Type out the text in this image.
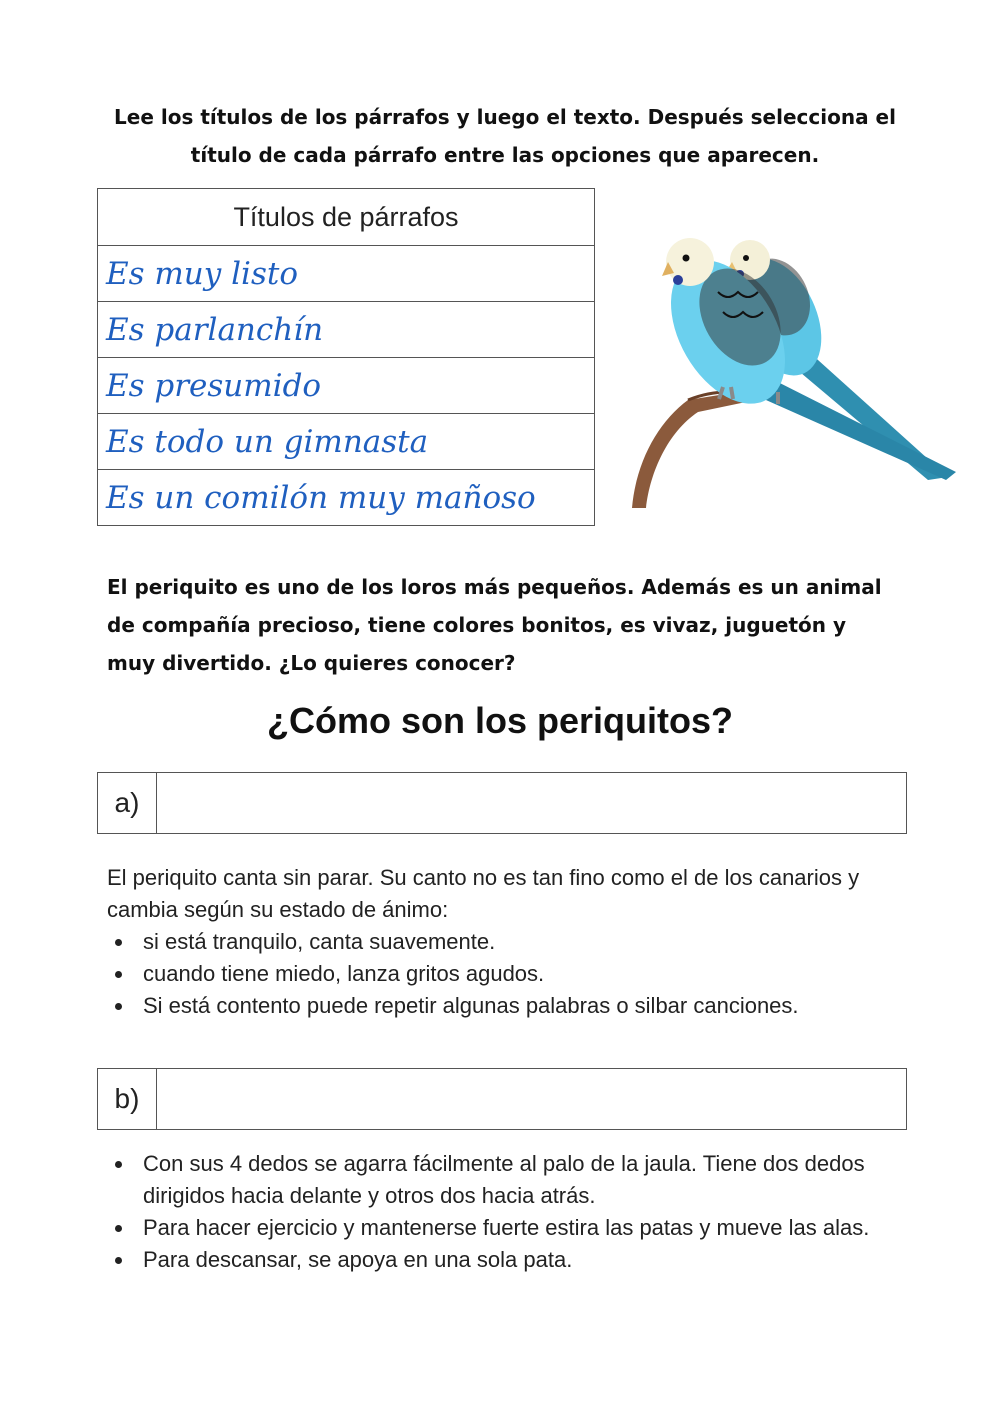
Lee los títulos de los párrafos y luego el texto. Después selecciona el título de cada párrafo entre las opciones que aparecen.
Títulos de párrafos
Es muy listo
Es parlanchín
Es presumido
Es todo un gimnasta
Es un comilón muy mañoso
El periquito es uno de los loros más pequeños. Además es un animal de compañía precioso, tiene colores bonitos, es vivaz, juguetón y muy divertido. ¿Lo quieres conocer?
¿Cómo son los periquitos?
a)

El periquito canta sin parar. Su canto no es tan fino como el de los canarios y cambia según su estado de ánimo:

si está tranquilo, canta suavemente.
cuando tiene miedo, lanza gritos agudos.
Si está contento puede repetir algunas palabras o silbar canciones.
b)
Con sus 4 dedos se agarra fácilmente al palo de la jaula. Tiene dos dedos dirigidos hacia delante y otros dos hacia atrás.
Para hacer ejercicio y mantenerse fuerte estira las patas y mueve las alas.
Para descansar, se apoya en una sola pata.
